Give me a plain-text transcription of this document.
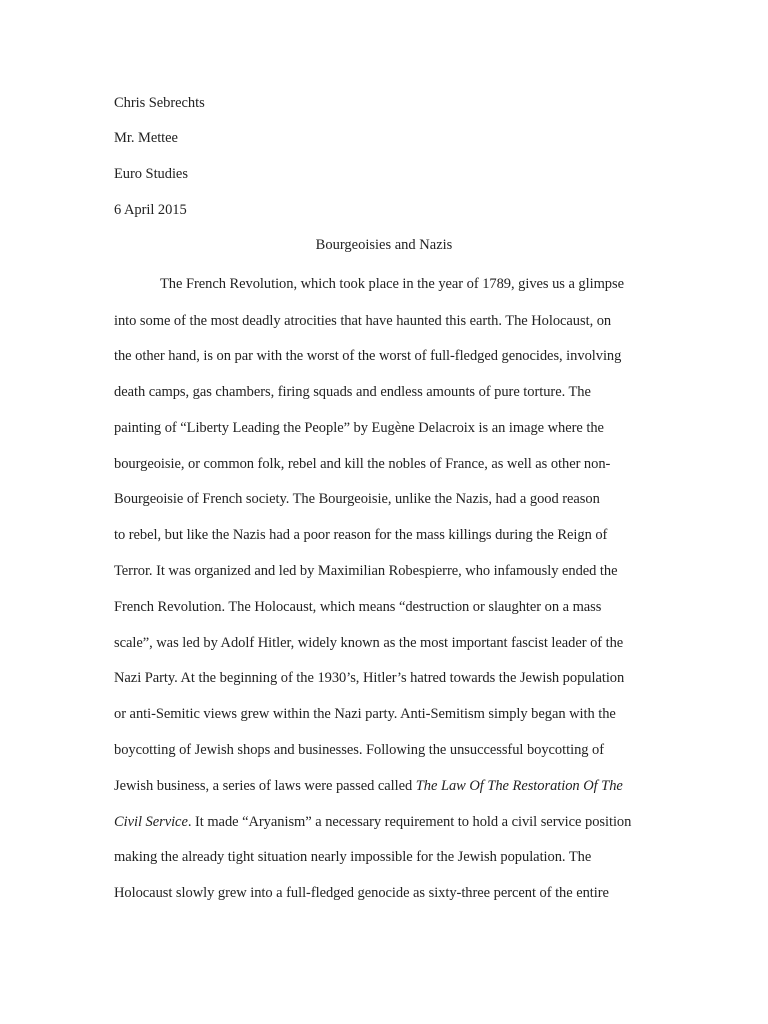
Chris Sebrechts
Mr. Mettee
Euro Studies
6 April 2015
Bourgeoisies and Nazis
The French Revolution, which took place in the year of 1789, gives us a glimpse
into some of the most deadly atrocities that have haunted this earth. The Holocaust, on
the other hand, is on par with the worst of the worst of full-fledged genocides, involving
death camps, gas chambers, firing squads and endless amounts of pure torture. The
painting of “Liberty Leading the People” by Eugène Delacroix is an image where the
bourgeoisie, or common folk, rebel and kill the nobles of France, as well as other non-
Bourgeoisie of French society. The Bourgeoisie, unlike the Nazis, had a good reason
to rebel, but like the Nazis had a poor reason for the mass killings during the Reign of
Terror. It was organized and led by Maximilian Robespierre, who infamously ended the
French Revolution. The Holocaust, which means “destruction or slaughter on a mass
scale”, was led by Adolf Hitler, widely known as the most important fascist leader of the
Nazi Party. At the beginning of the 1930’s, Hitler’s hatred towards the Jewish population
or anti-Semitic views grew within the Nazi party. Anti-Semitism simply began with the
boycotting of Jewish shops and businesses. Following the unsuccessful boycotting of
Jewish business, a series of laws were passed called The Law Of The Restoration Of The
Civil Service. It made “Aryanism” a necessary requirement to hold a civil service position
making the already tight situation nearly impossible for the Jewish population. The
Holocaust slowly grew into a full-fledged genocide as sixty-three percent of the entire
